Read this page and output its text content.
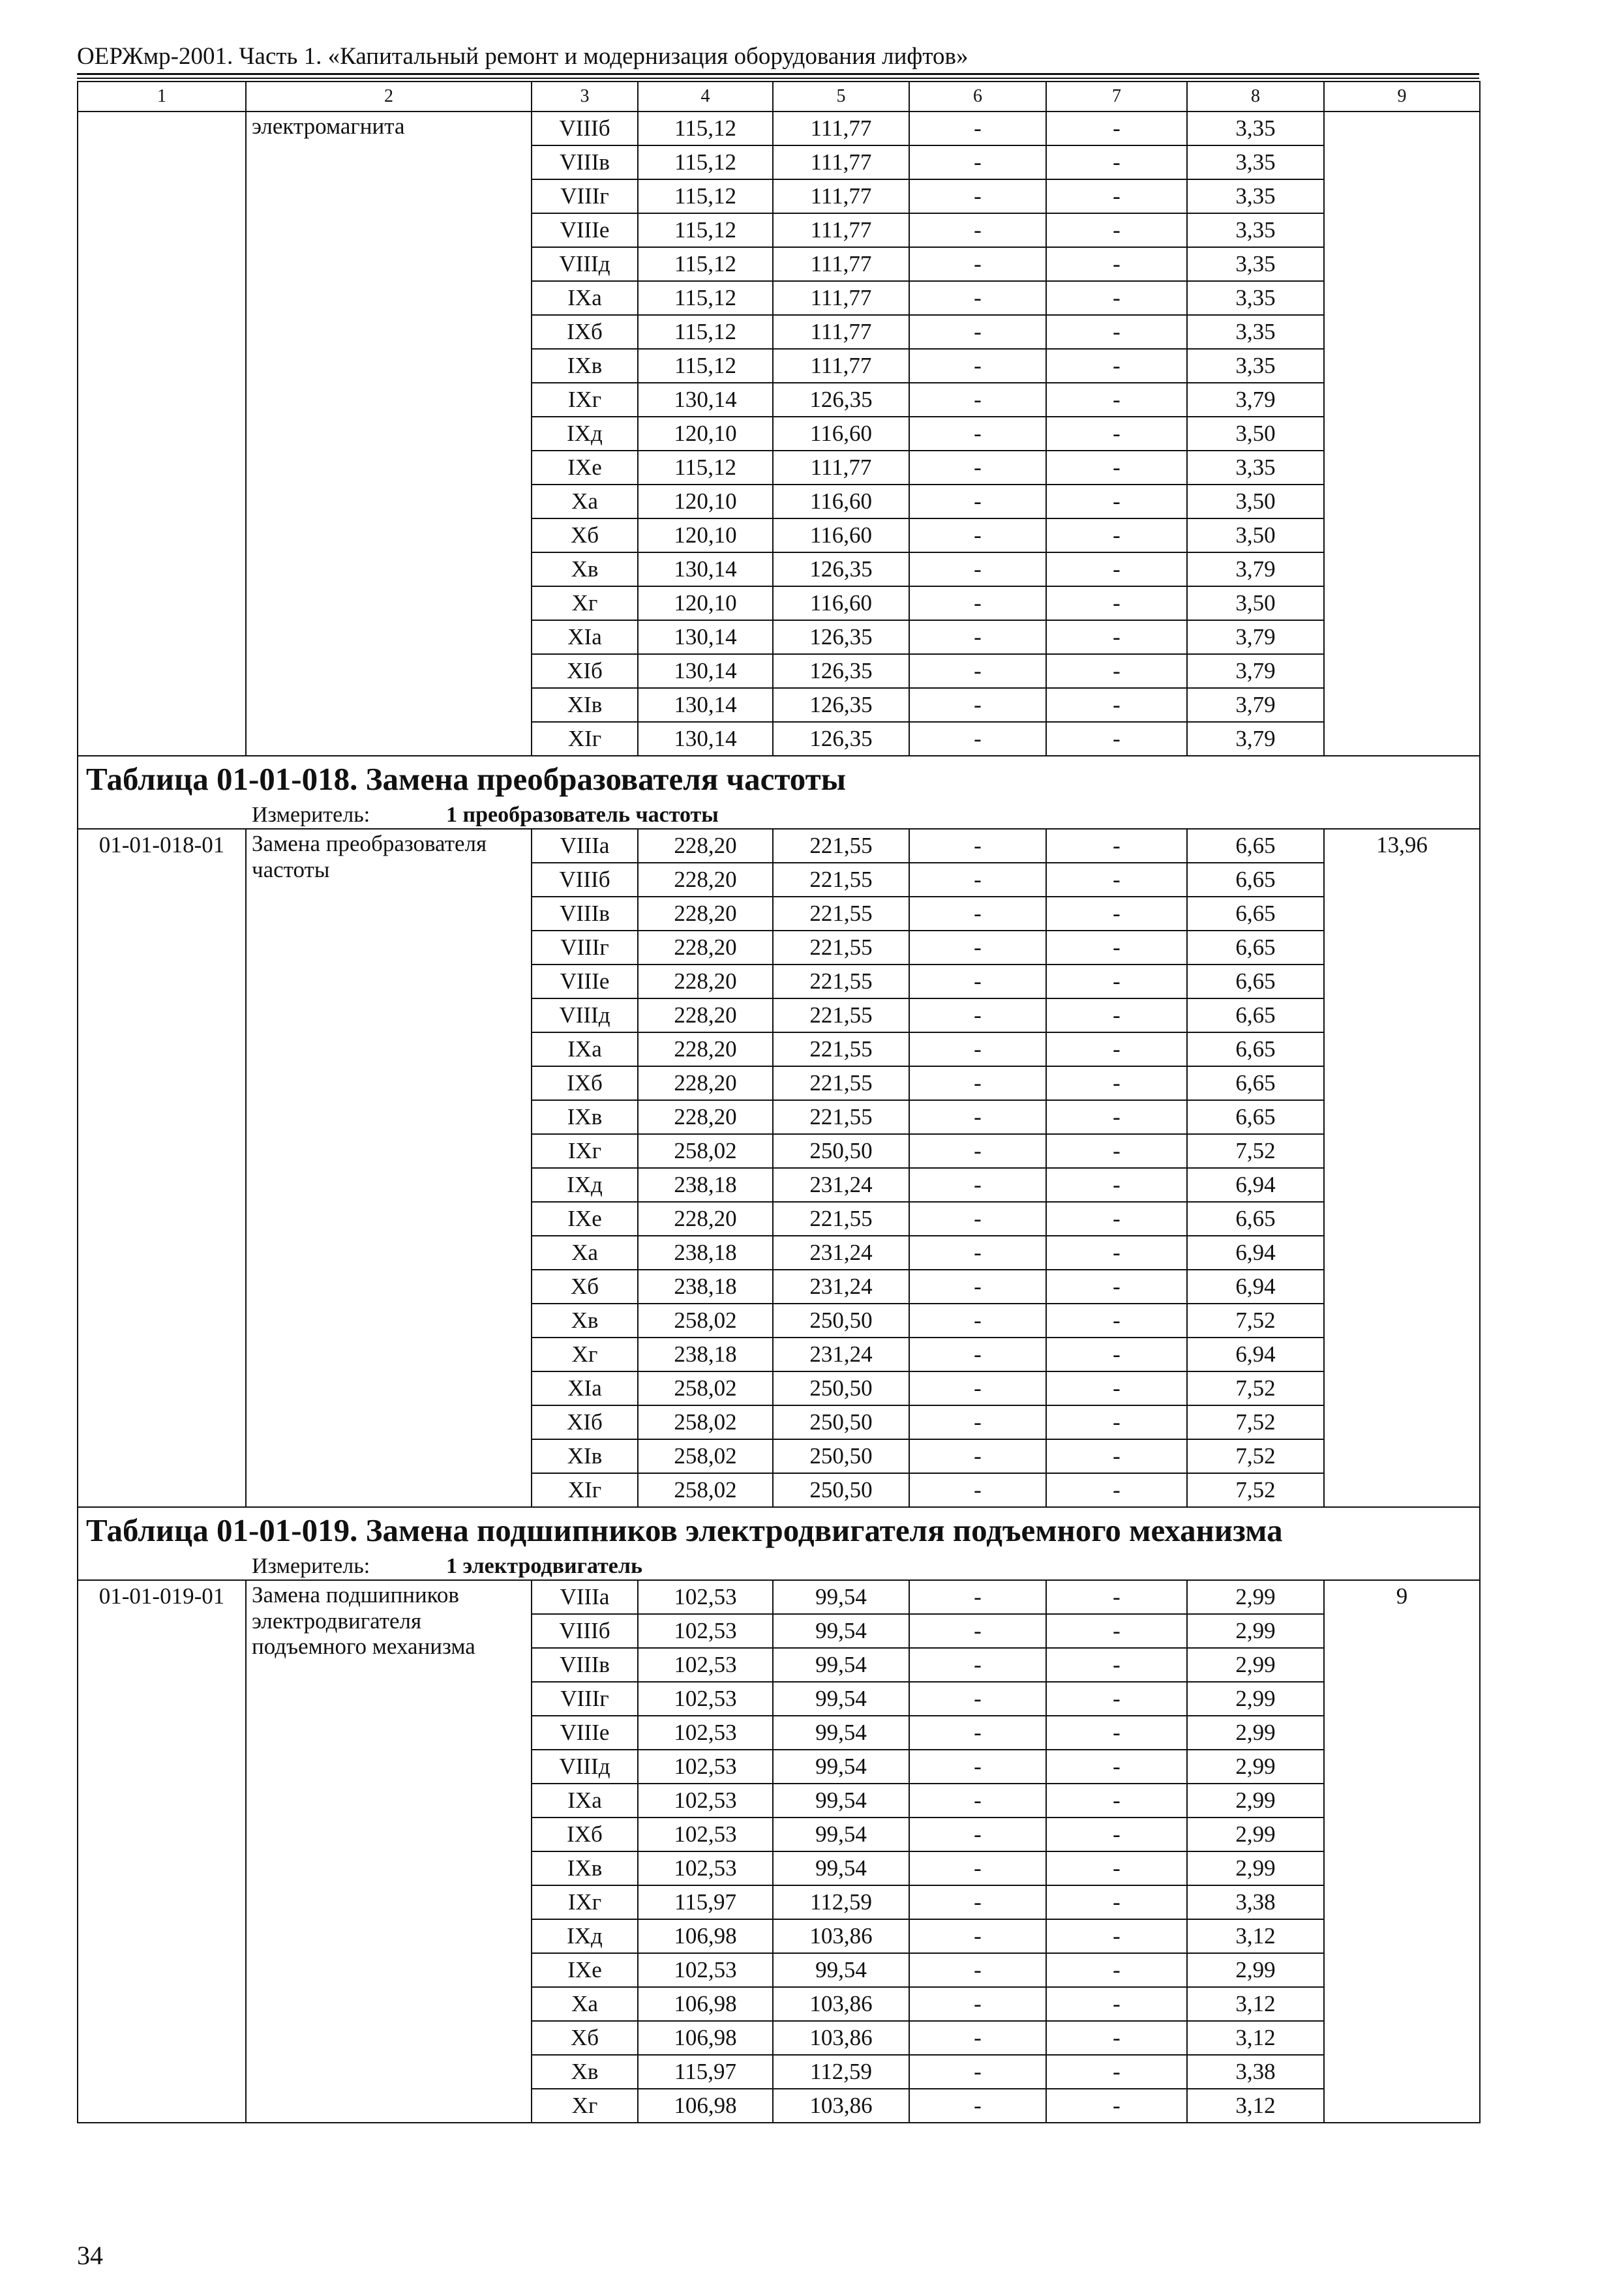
ОЕРЖмр-2001. Часть 1. «Капитальный ремонт и модернизация оборудования лифтов»
1	2	3	4	5	6	7	8	9
	электромагнита	VIIIб	115,12	111,77	-	-	3,35	
		VIIIв	115,12	111,77	-	-	3,35	
		VIIIг	115,12	111,77	-	-	3,35	
		VIIIе	115,12	111,77	-	-	3,35	
		VIIIд	115,12	111,77	-	-	3,35	
		IXа	115,12	111,77	-	-	3,35	
		IXб	115,12	111,77	-	-	3,35	
		IXв	115,12	111,77	-	-	3,35	
		IXг	130,14	126,35	-	-	3,79	
		IXд	120,10	116,60	-	-	3,50	
		IXе	115,12	111,77	-	-	3,35	
		Xа	120,10	116,60	-	-	3,50	
		Xб	120,10	116,60	-	-	3,50	
		Xв	130,14	126,35	-	-	3,79	
		Xг	120,10	116,60	-	-	3,50	
		XIа	130,14	126,35	-	-	3,79	
		XIб	130,14	126,35	-	-	3,79	
		XIв	130,14	126,35	-	-	3,79	
		XIг	130,14	126,35	-	-	3,79	
Таблица 01-01-018. Замена преобразователя частоты								
Измеритель: 1 преобразователь частоты								
01-01-018-01	Замена преобразователя частоты	VIIIа	228,20	221,55	-	-	6,65	13,96
		VIIIб	228,20	221,55	-	-	6,65	
		VIIIв	228,20	221,55	-	-	6,65	
		VIIIг	228,20	221,55	-	-	6,65	
		VIIIе	228,20	221,55	-	-	6,65	
		VIIIд	228,20	221,55	-	-	6,65	
		IXа	228,20	221,55	-	-	6,65	
		IXб	228,20	221,55	-	-	6,65	
		IXв	228,20	221,55	-	-	6,65	
		IXг	258,02	250,50	-	-	7,52	
		IXд	238,18	231,24	-	-	6,94	
		IXе	228,20	221,55	-	-	6,65	
		Xа	238,18	231,24	-	-	6,94	
		Xб	238,18	231,24	-	-	6,94	
		Xв	258,02	250,50	-	-	7,52	
		Xг	238,18	231,24	-	-	6,94	
		XIа	258,02	250,50	-	-	7,52	
		XIб	258,02	250,50	-	-	7,52	
		XIв	258,02	250,50	-	-	7,52	
		XIг	258,02	250,50	-	-	7,52	
Таблица 01-01-019. Замена подшипников электродвигателя подъемного механизма								
Измеритель: 1 электродвигатель								
01-01-019-01	Замена подшипников электродвигателя подъемного механизма	VIIIа	102,53	99,54	-	-	2,99	9
		VIIIб	102,53	99,54	-	-	2,99	
		VIIIв	102,53	99,54	-	-	2,99	
		VIIIг	102,53	99,54	-	-	2,99	
		VIIIе	102,53	99,54	-	-	2,99	
		VIIIд	102,53	99,54	-	-	2,99	
		IXа	102,53	99,54	-	-	2,99	
		IXб	102,53	99,54	-	-	2,99	
		IXв	102,53	99,54	-	-	2,99	
		IXг	115,97	112,59	-	-	3,38	
		IXд	106,98	103,86	-	-	3,12	
		IXе	102,53	99,54	-	-	2,99	
		Xа	106,98	103,86	-	-	3,12	
		Xб	106,98	103,86	-	-	3,12	
		Xв	115,97	112,59	-	-	3,38	
		Xг	106,98	103,86	-	-	3,12	
34
